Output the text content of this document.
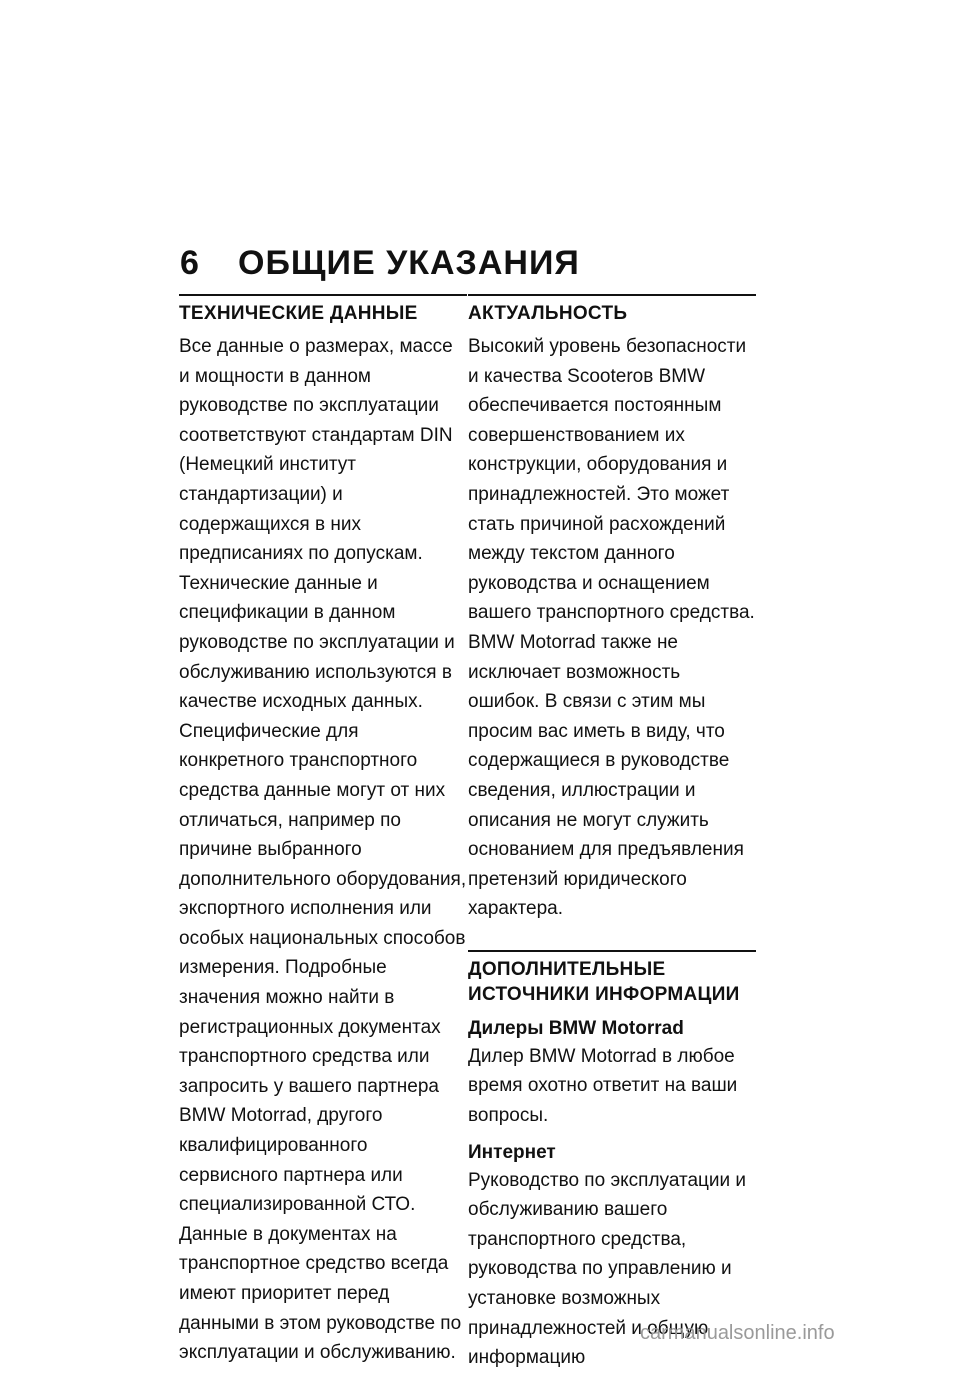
6 ОБЩИЕ УКАЗАНИЯ
ТЕХНИЧЕСКИЕ ДАННЫЕ

Все данные о размерах, массе и мощности в данном руководстве по эксплуатации соответствуют стандартам DIN (Немецкий институт стандартизации) и содержащихся в них предписаниях по допускам.

Технические данные и спецификации в данном руководстве по эксплуатации и обслуживанию используются в качестве исходных данных. Специфические для конкретного транспортного средства данные могут от них отличаться, например по причине выбранного дополнительного оборудования, экспортного исполнения или особых национальных способов измерения. Подробные значения можно найти в регистрационных документах транспортного средства или запросить у вашего партнера BMW Motorrad, другого квалифицированного сервисного партнера или специализированной СТО. Данные в документах на транспортное средство всегда имеют приоритет перед данными в этом руководстве по эксплуатации и обслуживанию.

АКТУАЛЬНОСТЬ

Высокий уровень безопасности и качества Scooterов BMW обеспечивается постоянным совершенствованием их конструкции, оборудования и принадлежностей. Это может стать причиной расхождений между текстом данного руководства и оснащением вашего транспортного средства. BMW Motorrad также не исключает возможность ошибок. В связи с этим мы просим вас иметь в виду, что содержащиеся в руководстве сведения, иллюстрации и описания не могут служить основанием для предъявления претензий юридического характера.

ДОПОЛНИТЕЛЬНЫЕ ИСТОЧНИКИ ИНФОРМАЦИИ
Дилеры BMW Motorrad

Дилер BMW Motorrad в любое время охотно ответит на ваши вопросы.

Интернет

Руководство по эксплуатации и обслуживанию вашего транспортного средства, руководства по управлению и установке возможных принадлежностей и общую информацию

carmanualsonline.info
